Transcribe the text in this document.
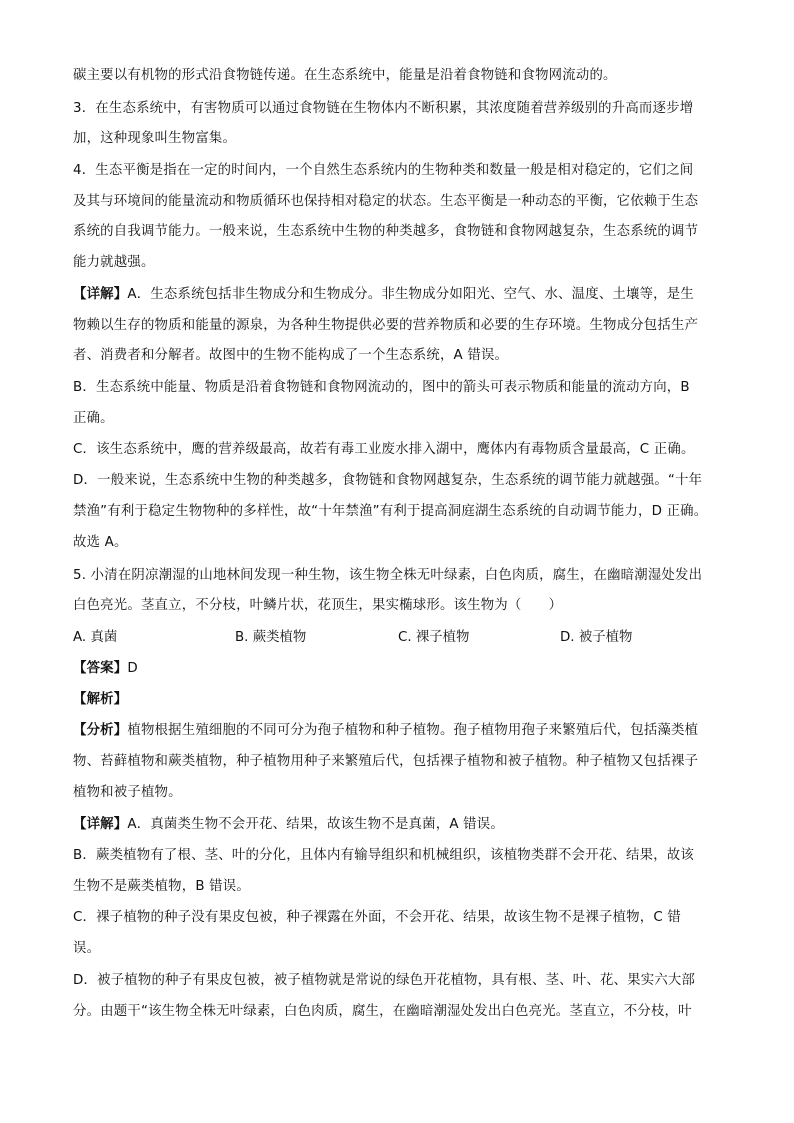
碳主要以有机物的形式沿食物链传递。在生态系统中，能量是沿着食物链和食物网流动的。
3．在生态系统中，有害物质可以通过食物链在生物体内不断积累，其浓度随着营养级别的升高而逐步增
加，这种现象叫生物富集。
4．生态平衡是指在一定的时间内，一个自然生态系统内的生物种类和数量一般是相对稳定的，它们之间
及其与环境间的能量流动和物质循环也保持相对稳定的状态。生态平衡是一种动态的平衡，它依赖于生态
系统的自我调节能力。一般来说，生态系统中生物的种类越多，食物链和食物网越复杂，生态系统的调节
能力就越强。
【详解】A．生态系统包括非生物成分和生物成分。非生物成分如阳光、空气、水、温度、土壤等，是生
物赖以生存的物质和能量的源泉，为各种生物提供必要的营养物质和必要的生存环境。生物成分包括生产
者、消费者和分解者。故图中的生物不能构成了一个生态系统，A 错误。
B．生态系统中能量、物质是沿着食物链和食物网流动的，图中的箭头可表示物质和能量的流动方向，B
正确。
C．该生态系统中，鹰的营养级最高，故若有毒工业废水排入湖中，鹰体内有毒物质含量最高，C 正确。
D．一般来说，生态系统中生物的种类越多，食物链和食物网越复杂，生态系统的调节能力就越强。“十年
禁渔”有利于稳定生物物种的多样性，故“十年禁渔”有利于提高洞庭湖生态系统的自动调节能力，D 正确。
故选 A。
5. 小清在阴凉潮湿的山地林间发现一种生物，该生物全株无叶绿素，白色肉质，腐生，在幽暗潮湿处发出
白色亮光。茎直立，不分枝，叶鳞片状，花顶生，果实椭球形。该生物为（　　）
A. 真菌	B. 蕨类植物	C. 裸子植物	D. 被子植物
【答案】D
【解析】
【分析】植物根据生殖细胞的不同可分为孢子植物和种子植物。孢子植物用孢子来繁殖后代，包括藻类植
物、苔藓植物和蕨类植物，种子植物用种子来繁殖后代，包括裸子植物和被子植物。种子植物又包括裸子
植物和被子植物。
【详解】A．真菌类生物不会开花、结果，故该生物不是真菌，A 错误。
B．蕨类植物有了根、茎、叶的分化，且体内有输导组织和机械组织，该植物类群不会开花、结果，故该
生物不是蕨类植物，B 错误。
C．裸子植物的种子没有果皮包被，种子裸露在外面，不会开花、结果，故该生物不是裸子植物，C 错
误。
D．被子植物的种子有果皮包被，被子植物就是常说的绿色开花植物，具有根、茎、叶、花、果实六大部
分。由题干“该生物全株无叶绿素，白色肉质，腐生，在幽暗潮湿处发出白色亮光。茎直立，不分枝，叶
